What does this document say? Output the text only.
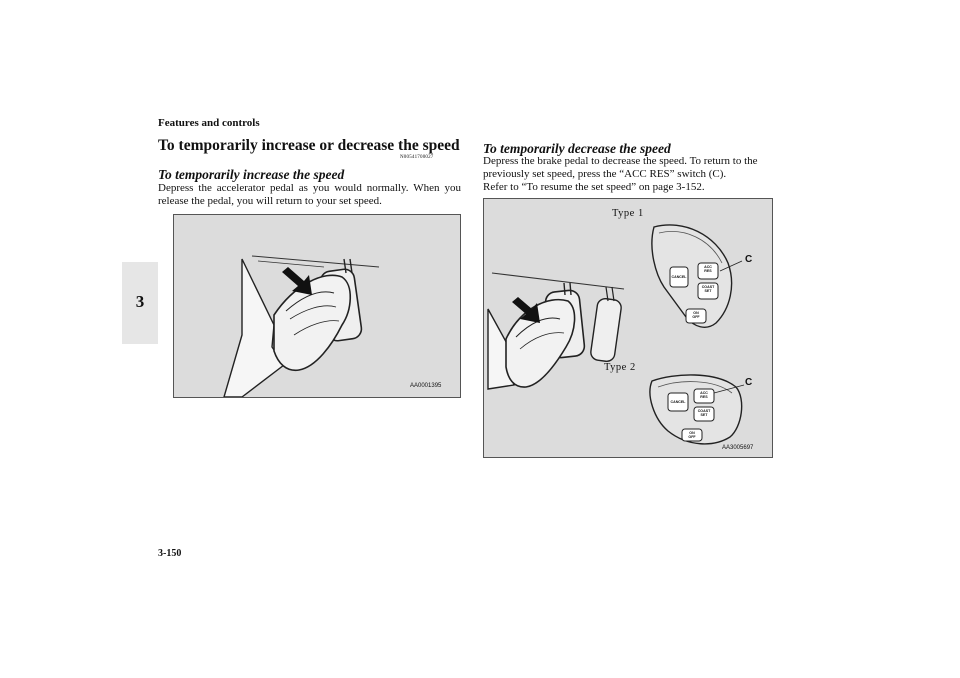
Features and controls
3
To temporarily increase or decrease the speed
N00541700027
To temporarily increase the speed
Depress the accelerator pedal as you would normally. When you release the pedal, you will return to your set speed.
AA0001395
To temporarily decrease the speed
Depress the brake pedal to decrease the speed. To return to the
previously set speed, press the “ACC RES” switch (C).
Refer to “To resume the set speed” on page 3-152.
Type 1
Type 2
C
C
CANCEL
ACC
RES
COAST
SET
ON
OFF
CANCEL
ACC
RES
COAST
SET
ON
OFF
AA3005697
3-150
